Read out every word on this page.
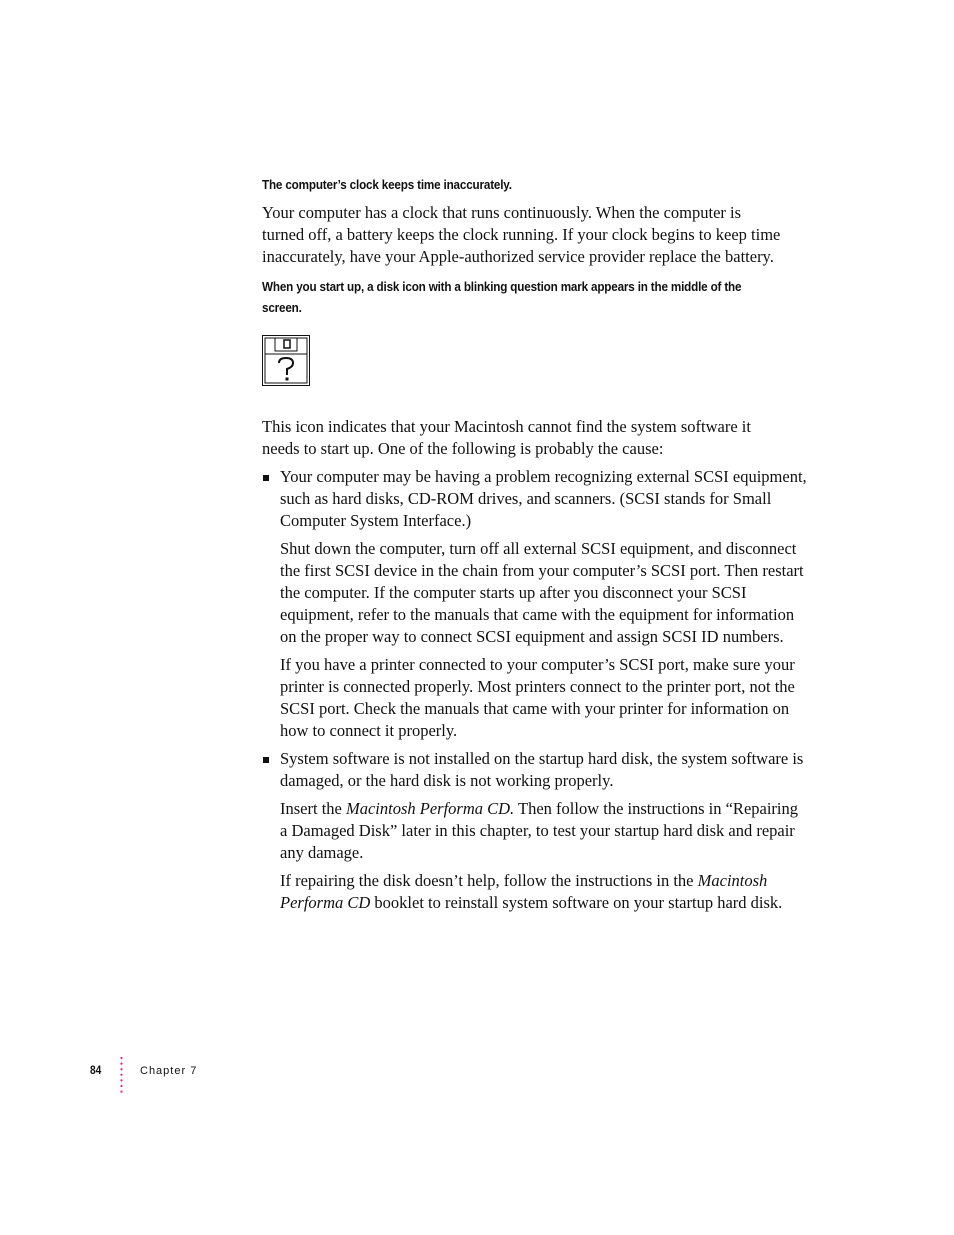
The computer’s clock keeps time inaccurately.

Your computer has a clock that runs continuously. When the computer is turned off, a battery keeps the clock running. If your clock begins to keep time inaccurately, have your Apple-authorized service provider replace the battery.

When you start up, a disk icon with a blinking question mark appears in the middle of the screen.

This icon indicates that your Macintosh cannot find the system software it needs to start up. One of the following is probably the cause:

Your computer may be having a problem recognizing external SCSI equipment, such as hard disks, CD-ROM drives, and scanners. (SCSI stands for Small Computer System Interface.)

Shut down the computer, turn off all external SCSI equipment, and disconnect the first SCSI device in the chain from your computer’s SCSI port. Then restart the computer. If the computer starts up after you disconnect your SCSI equipment, refer to the manuals that came with the equipment for information on the proper way to connect SCSI equipment and assign SCSI ID numbers.

If you have a printer connected to your computer’s SCSI port, make sure your printer is connected properly. Most printers connect to the printer port, not the SCSI port. Check the manuals that came with your printer for information on how to connect it properly.

System software is not installed on the startup hard disk, the system software is damaged, or the hard disk is not working properly.

Insert the Macintosh Performa CD. Then follow the instructions in “Repairing a Damaged Disk” later in this chapter, to test your startup hard disk and repair any damage.

If repairing the disk doesn’t help, follow the instructions in the Macintosh Performa CD booklet to reinstall system software on your startup hard disk.

84	Chapter 7
